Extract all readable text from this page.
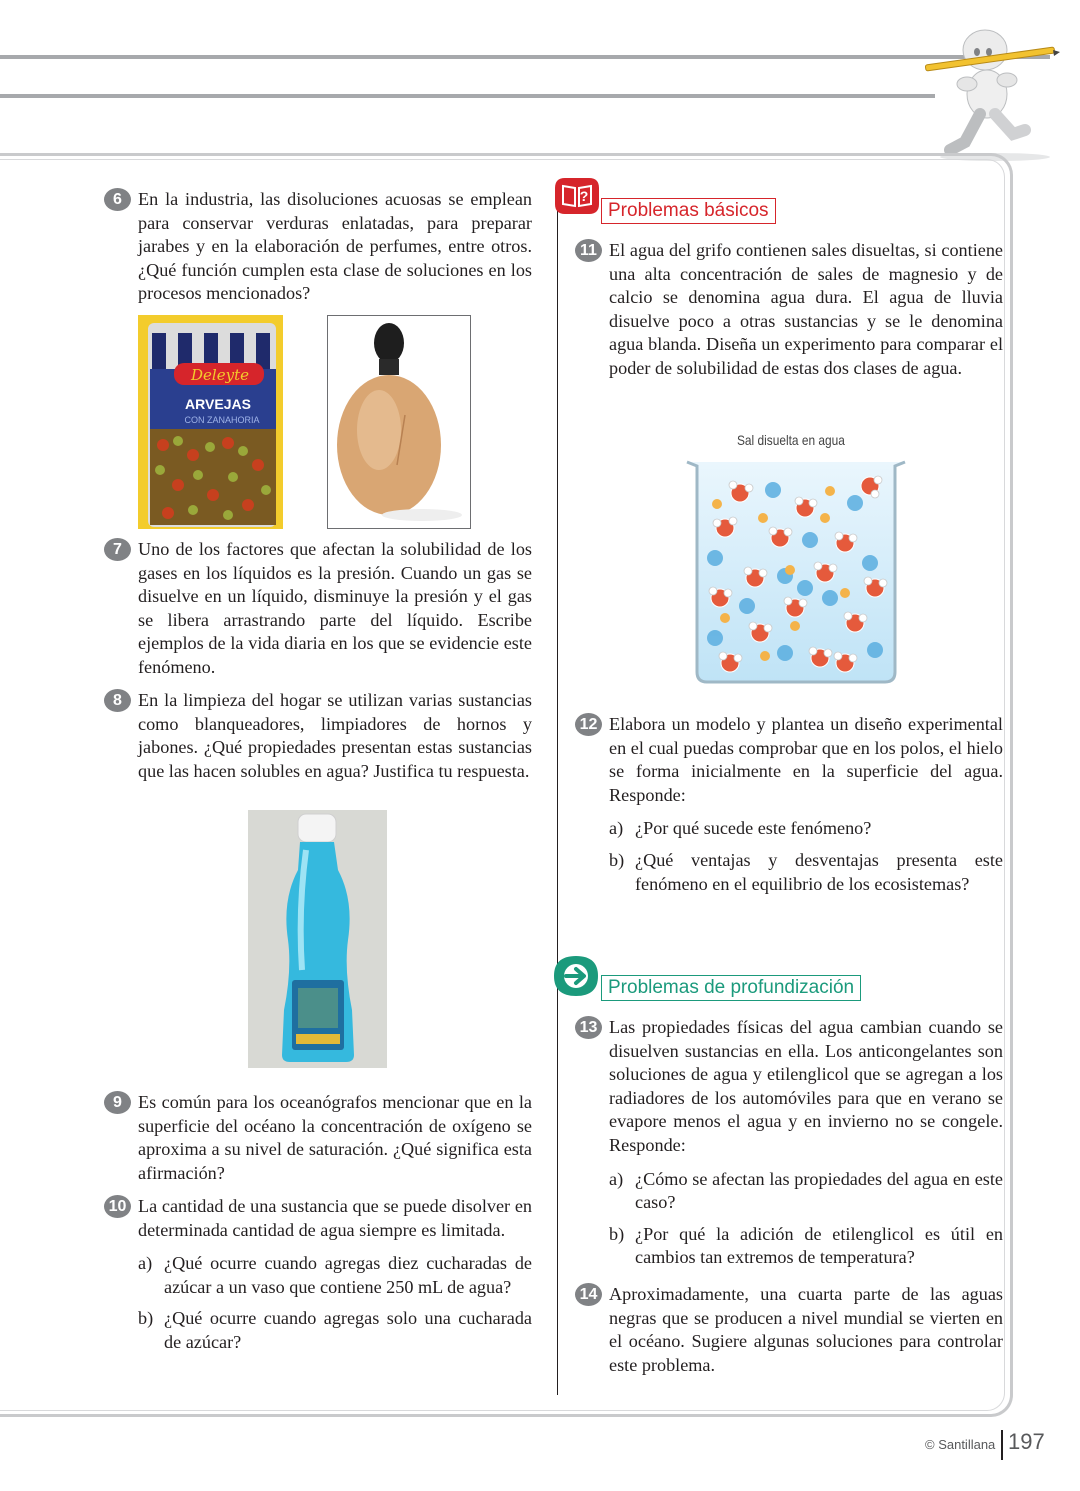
6 En la industria, las disoluciones acuosas se emplean para conservar verduras enlatadas, para preparar jarabes y en la elaboración de perfumes, entre otros. ¿Qué función cumplen esta clase de soluciones en los procesos mencionados?

Deleyte
ARVEJAS
CON ZANAHORIA
7 Uno de los factores que afectan la solubilidad de los gases en los líquidos es la presión. Cuando un gas se disuelve en un líquido, disminuye la presión y el gas se libera arrastrando parte del líquido. Escribe ejemplos de la vida diaria en los que se evidencie este fenómeno.

8 En la limpieza del hogar se utilizan varias sustancias como blanqueadores, limpiadores de hornos y jabones. ¿Qué propiedades presentan estas sustancias que las hacen solubles en agua? Justifica tu respuesta.

9 Es común para los oceanógrafos mencionar que en la superficie del océano la concentración de oxígeno se aproxima a su nivel de saturación. ¿Qué significa esta afirmación?

10 La cantidad de una sustancia que se puede disolver en determinada cantidad de agua siempre es limitada.

a) ¿Qué ocurre cuando agregas diez cucharadas de azúcar a un vaso que contiene 250 mL de agua?

b) ¿Qué ocurre cuando agregas solo una cucharada de azúcar?

?
Problemas básicos
11 El agua del grifo contienen sales disueltas, si contiene una alta concentración de sales de magnesio y de calcio se denomina agua dura. El agua de lluvia disuelve poco a otras sustancias y se le denomina agua blanda. Diseña un experimento para comparar el poder de solubilidad de estas dos clases de agua.

Sal disuelta en agua
12 Elabora un modelo y plantea un diseño experimental en el cual puedas comprobar que en los polos, el hielo se forma inicialmente en la superficie del agua. Responde:

a) ¿Por qué sucede este fenómeno?

b) ¿Qué ventajas y desventajas presenta este fenómeno en el equilibrio de los ecosistemas?

Problemas de profundización
13 Las propiedades físicas del agua cambian cuando se disuelven sustancias en ella. Los anticongelantes son soluciones de agua y etilenglicol que se agregan a los radiadores de los automóviles para que en verano se evapore menos el agua y en invierno no se congele. Responde:

a) ¿Cómo se afectan las propiedades del agua en este caso?

b) ¿Por qué la adición de etilenglicol es útil en cambios tan extremos de temperatura?

14 Aproximadamente, una cuarta parte de las aguas negras que se producen a nivel mundial se vierten en el océano. Sugiere algunas soluciones para controlar este problema.

© Santillana 197
